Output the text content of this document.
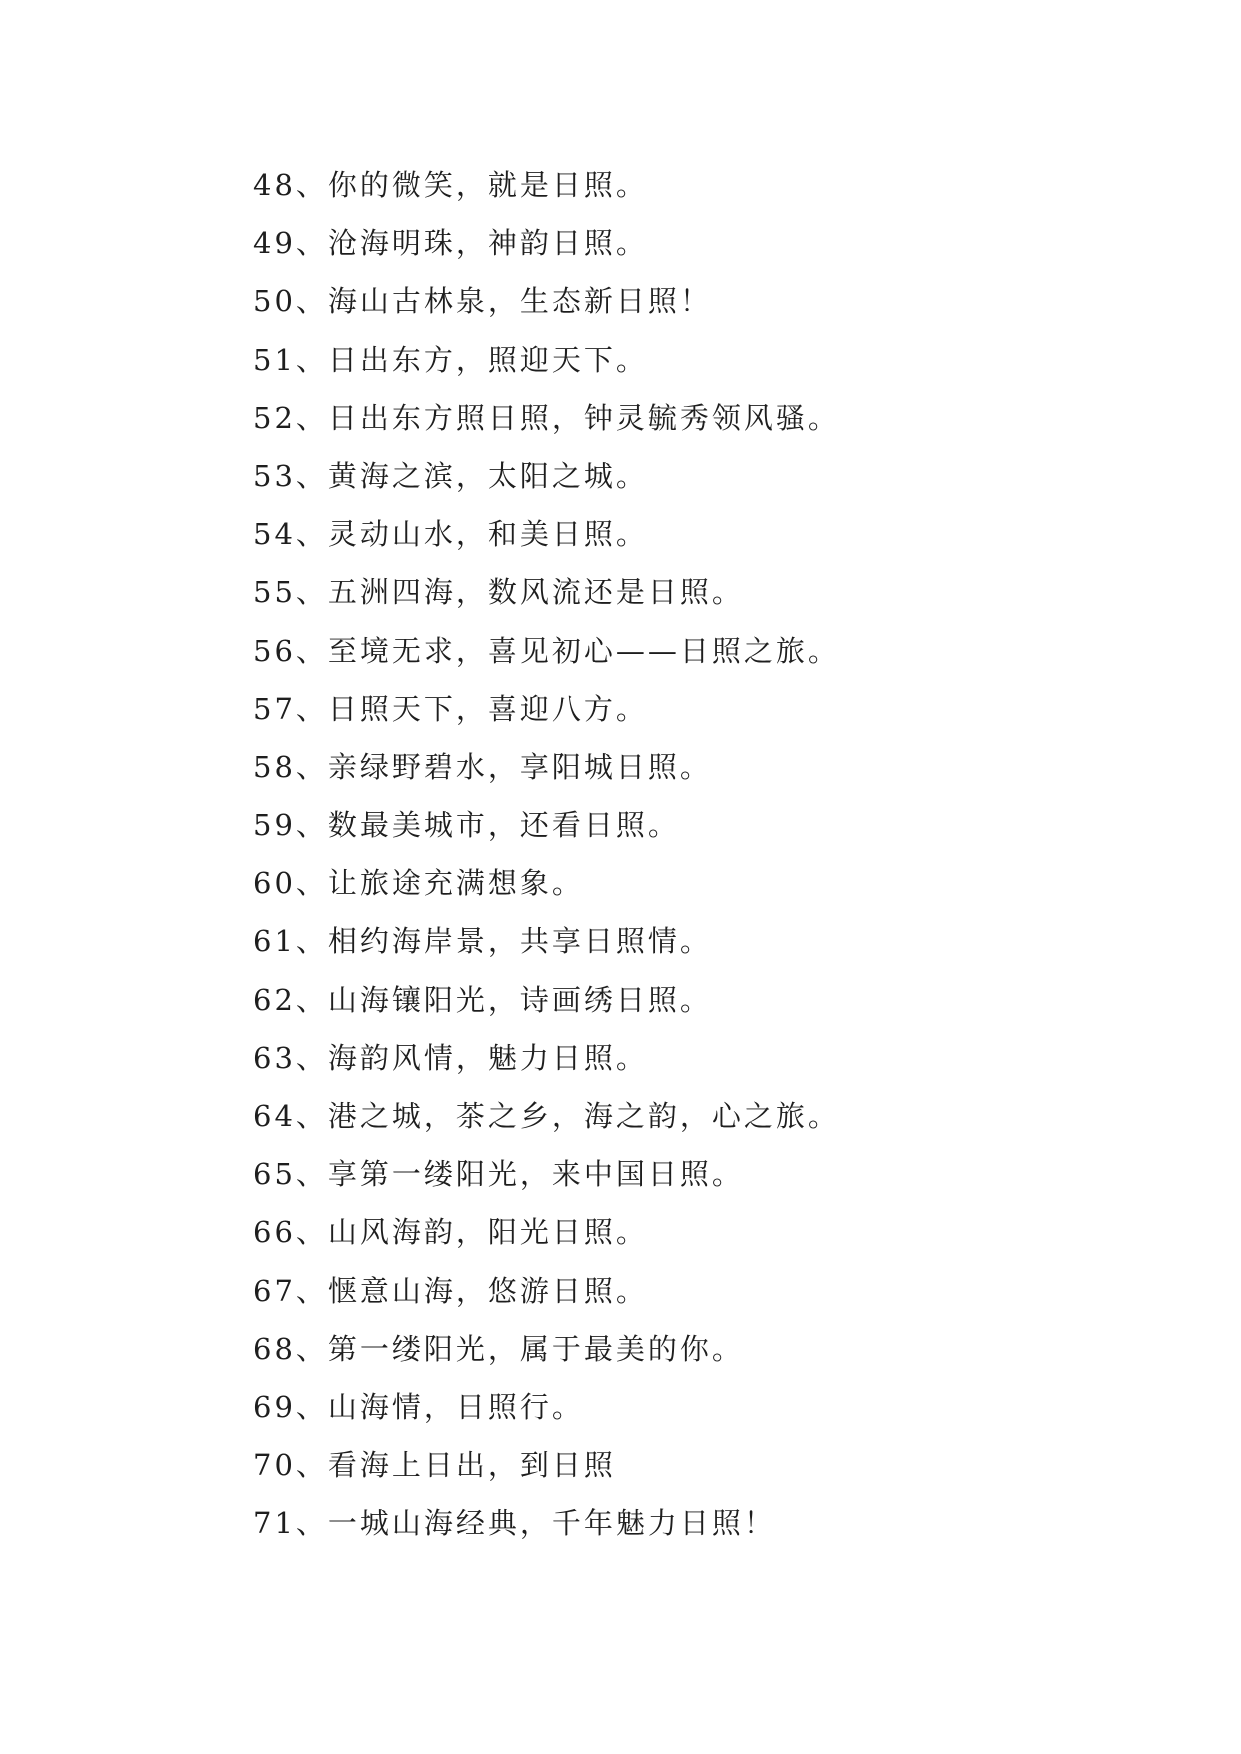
48、你的微笑，就是日照。
49、沧海明珠，神韵日照。
50、海山古林泉，生态新日照！
51、日出东方，照迎天下。
52、日出东方照日照，钟灵毓秀领风骚。
53、黄海之滨，太阳之城。
54、灵动山水，和美日照。
55、五洲四海，数风流还是日照。
56、至境无求，喜见初心——日照之旅。
57、日照天下，喜迎八方。
58、亲绿野碧水，享阳城日照。
59、数最美城市，还看日照。
60、让旅途充满想象。
61、相约海岸景，共享日照情。
62、山海镶阳光，诗画绣日照。
63、海韵风情，魅力日照。
64、港之城，茶之乡，海之韵，心之旅。
65、享第一缕阳光，来中国日照。
66、山风海韵，阳光日照。
67、惬意山海，悠游日照。
68、第一缕阳光，属于最美的你。
69、山海情，日照行。
70、看海上日出，到日照
71、一城山海经典，千年魅力日照！
